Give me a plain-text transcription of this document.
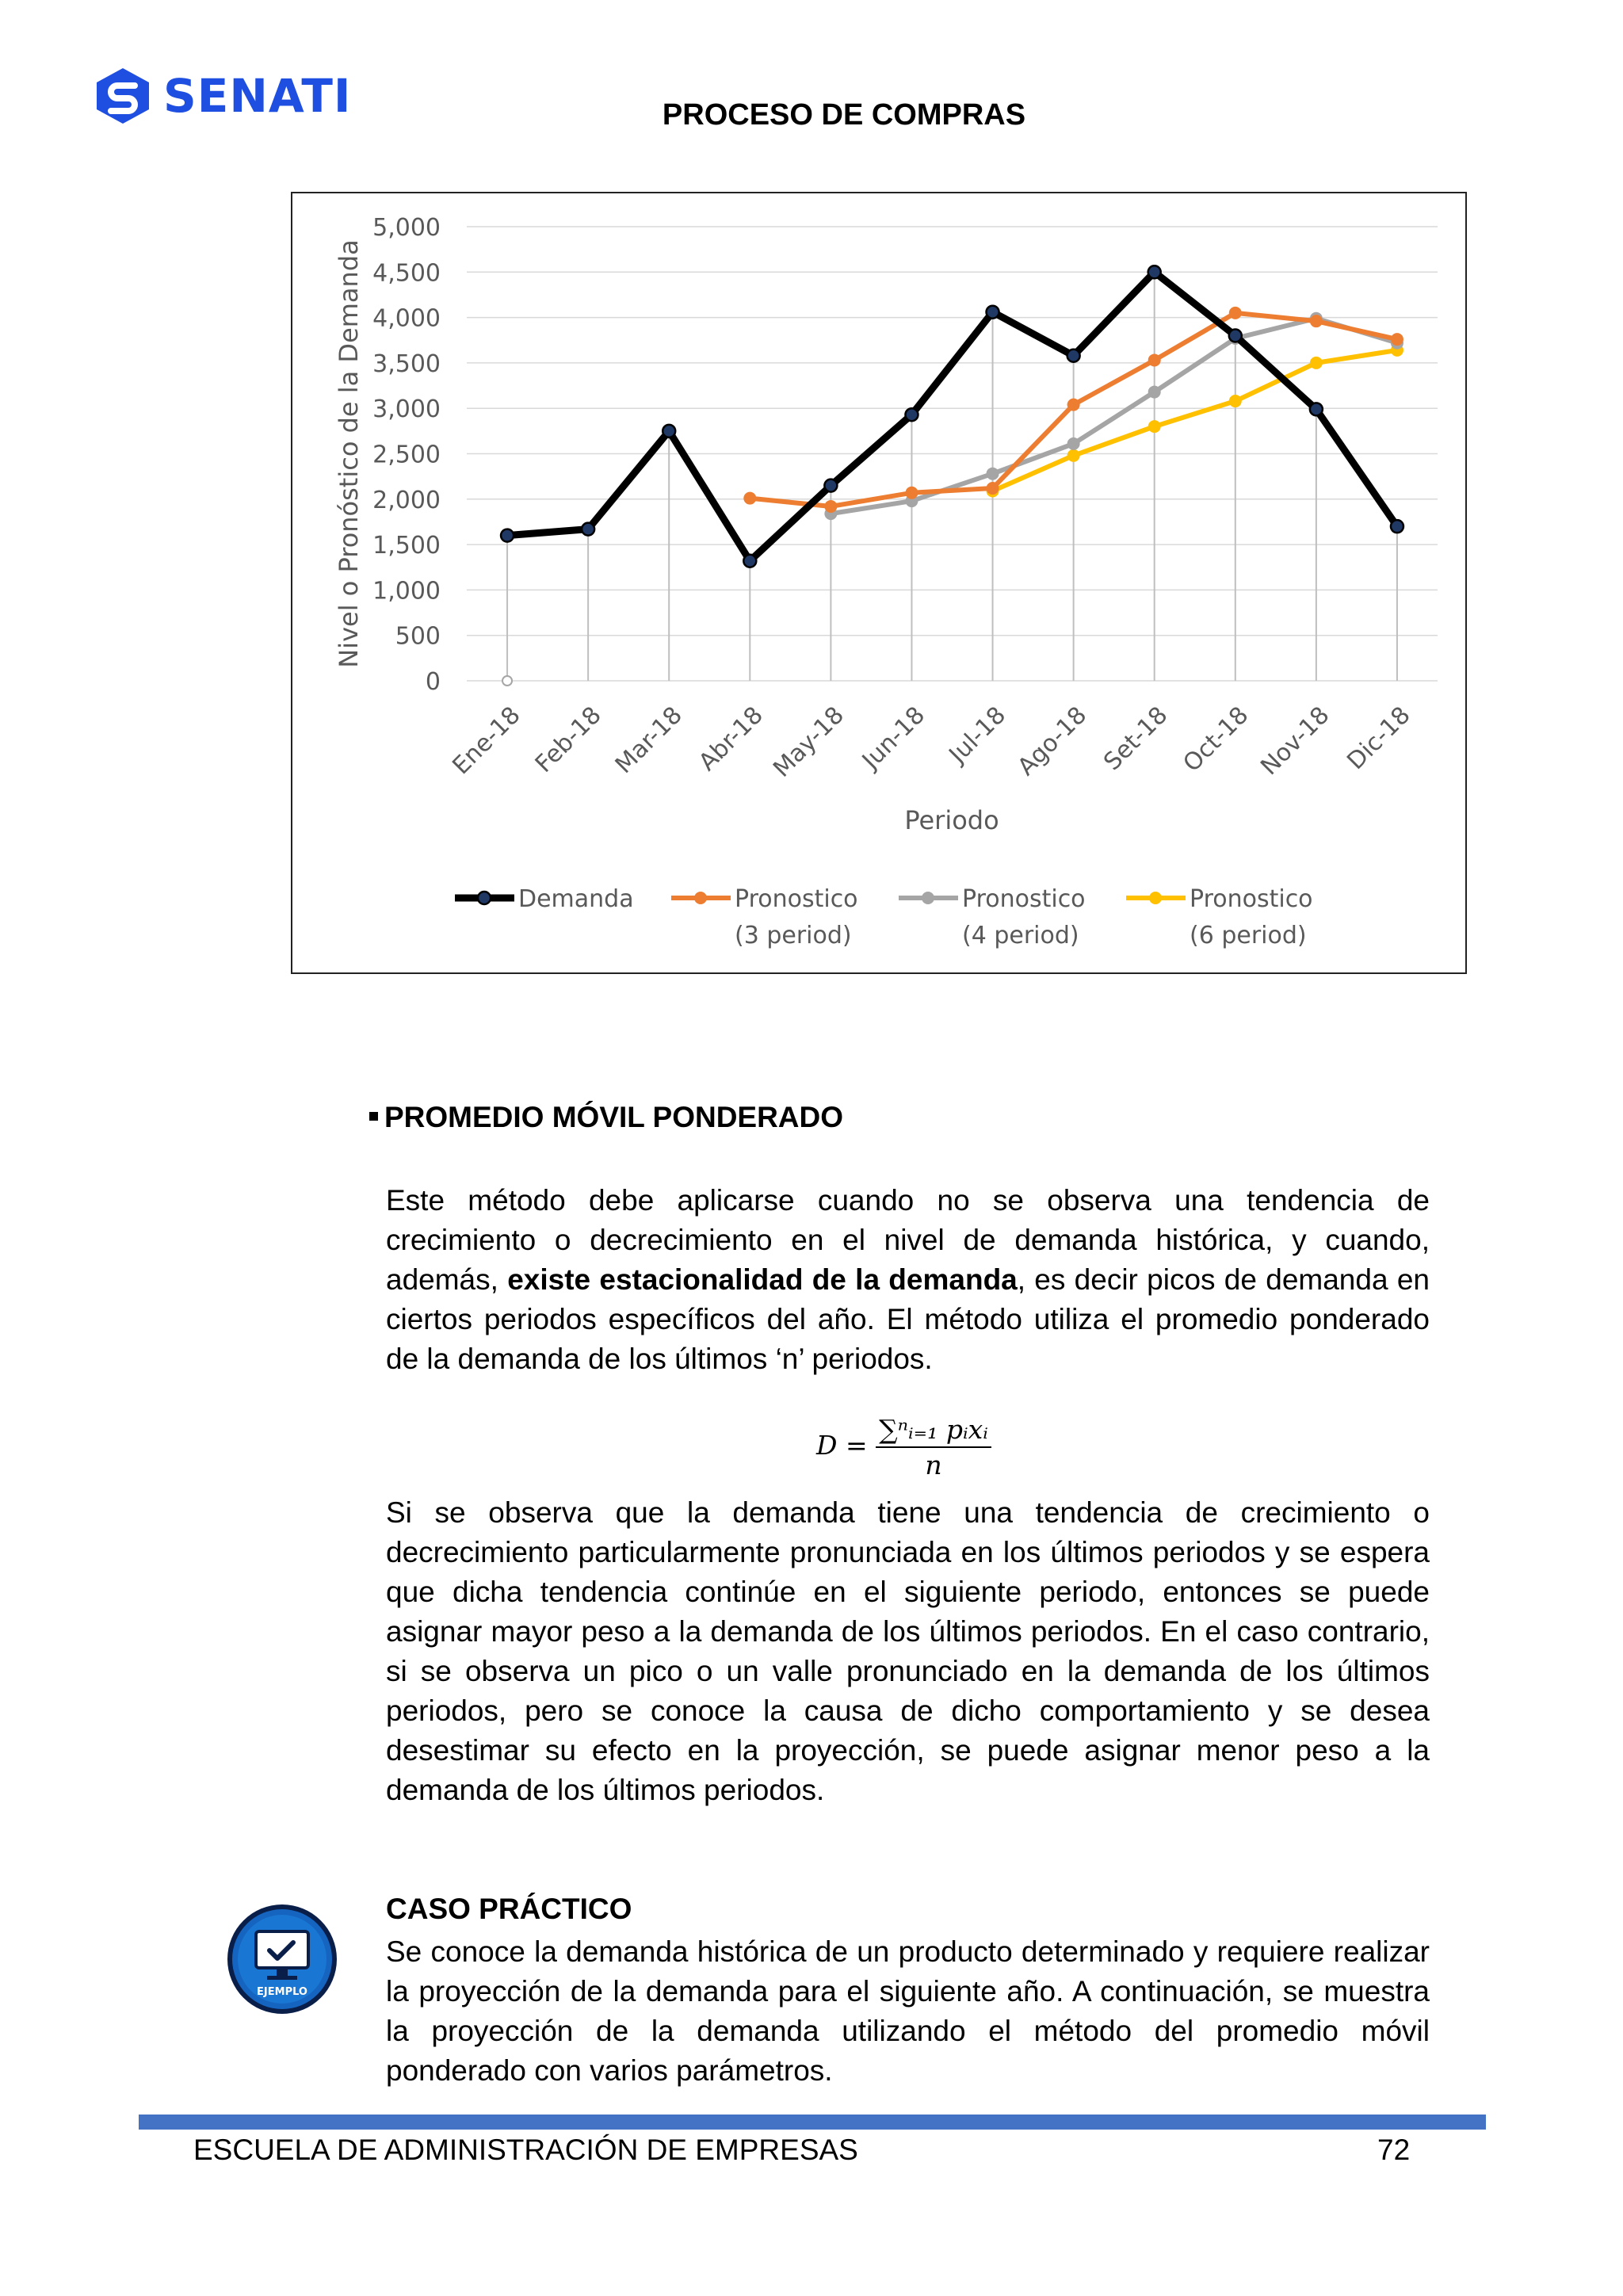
SENATI	PROCESO DE COMPRAS
0
500
1,000
1,500
2,000
2,500
3,000
3,500
4,000
4,500
5,000
Ene-18 Feb-18 Mar-18 Abr-18 May-18 Jun-18 Jul-18 Ago-18 Set-18 Oct-18 Nov-18 Dic-18
Periodo
Nivel o Pronóstico de la Demanda
Demanda	Pronostico
(3 period)
Pronostico
(4 period)
Pronostico
(6 period)
PROMEDIO MÓVIL PONDERADO
Este método debe aplicarse cuando no se observa una tendencia de crecimiento o decrecimiento en el nivel de demanda histórica, y cuando, además, existe estacionalidad de la demanda, es decir picos de demanda en ciertos periodos específicos del año. El método utiliza el promedio ponderado de la demanda de los últimos ‘n’ periodos.
$D = \frac{\text{∑ⁿᵢ₌₁ pᵢxᵢ}}{n}$
Si se observa que la demanda tiene una tendencia de crecimiento o decrecimiento particularmente pronunciada en los últimos periodos y se espera que dicha tendencia continúe en el siguiente periodo, entonces se puede asignar mayor peso a la demanda de los últimos periodos. En el caso contrario, si se observa un pico o un valle pronunciado en la demanda de los últimos periodos, pero se conoce la causa de dicho comportamiento y se desea desestimar su efecto en la proyección, se puede asignar menor peso a la demanda de los últimos periodos.
EJEMPLO
CASO PRÁCTICO
Se conoce la demanda histórica de un producto determinado y requiere realizar la proyección de la demanda para el siguiente año. A continuación, se muestra la proyección de la demanda utilizando el método del promedio móvil ponderado con varios parámetros.
ESCUELA DE ADMINISTRACIÓN DE EMPRESAS	72
